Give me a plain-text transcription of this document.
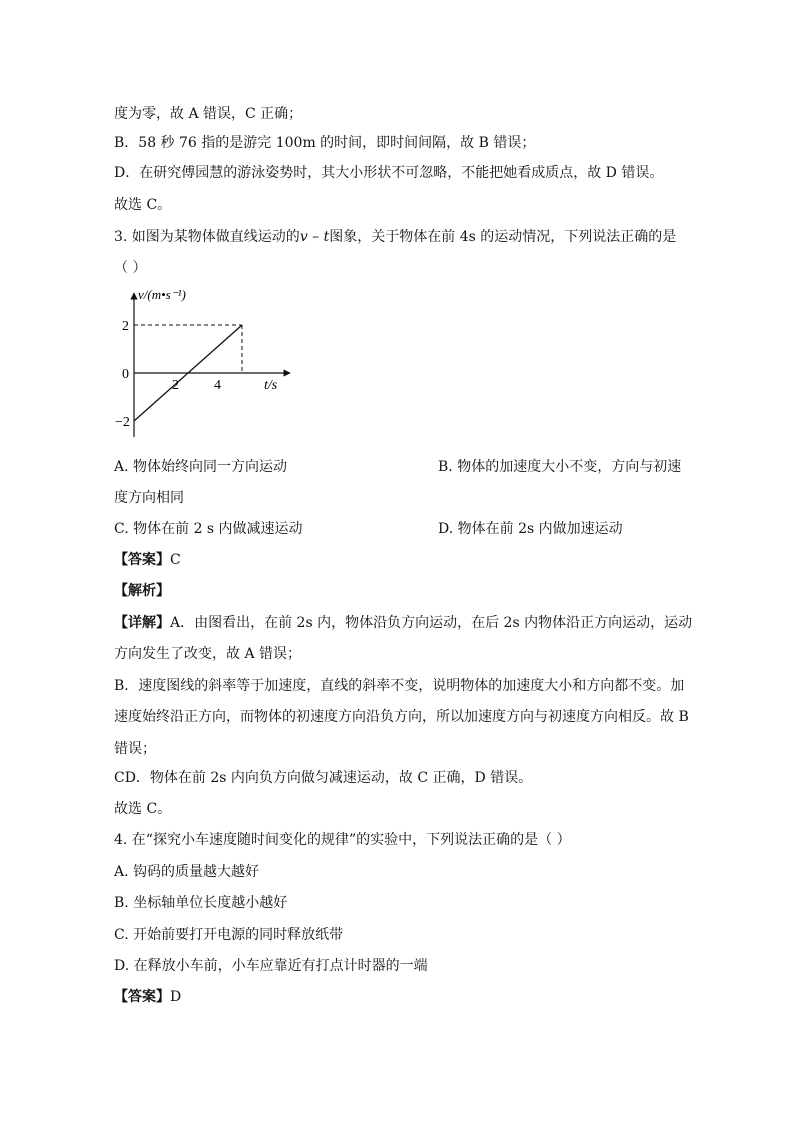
度为零，故 A 错误，C 正确；
B．58 秒 76 指的是游完 100m 的时间，即时间间隔，故 B 错误；
D．在研究傅园慧的游泳姿势时，其大小形状不可忽略，不能把她看成质点，故 D 错误。
故选 C。
3. 如图为某物体做直线运动的v – t图象，关于物体在前 4s 的运动情况，下列说法正确的是
（ ）
v/(m•s⁻¹)
t/s
2
0
−2
2	4
A. 物体始终向同一方向运动	B. 物体的加速度大小不变，方向与初速
度方向相同
C. 物体在前 2 s 内做减速运动	D. 物体在前 2s 内做加速运动
【答案】C
【解析】
【详解】A．由图看出，在前 2s 内，物体沿负方向运动，在后 2s 内物体沿正方向运动，运动
方向发生了改变，故 A 错误；
B．速度图线的斜率等于加速度，直线的斜率不变，说明物体的加速度大小和方向都不变。加
速度始终沿正方向，而物体的初速度方向沿负方向，所以加速度方向与初速度方向相反。故 B
错误；
CD．物体在前 2s 内向负方向做匀减速运动，故 C 正确，D 错误。
故选 C。
4. 在“探究小车速度随时间变化的规律”的实验中，下列说法正确的是（ ）
A. 钩码的质量越大越好
B. 坐标轴单位长度越小越好
C. 开始前要打开电源的同时释放纸带
D. 在释放小车前，小车应靠近有打点计时器的一端
【答案】D
